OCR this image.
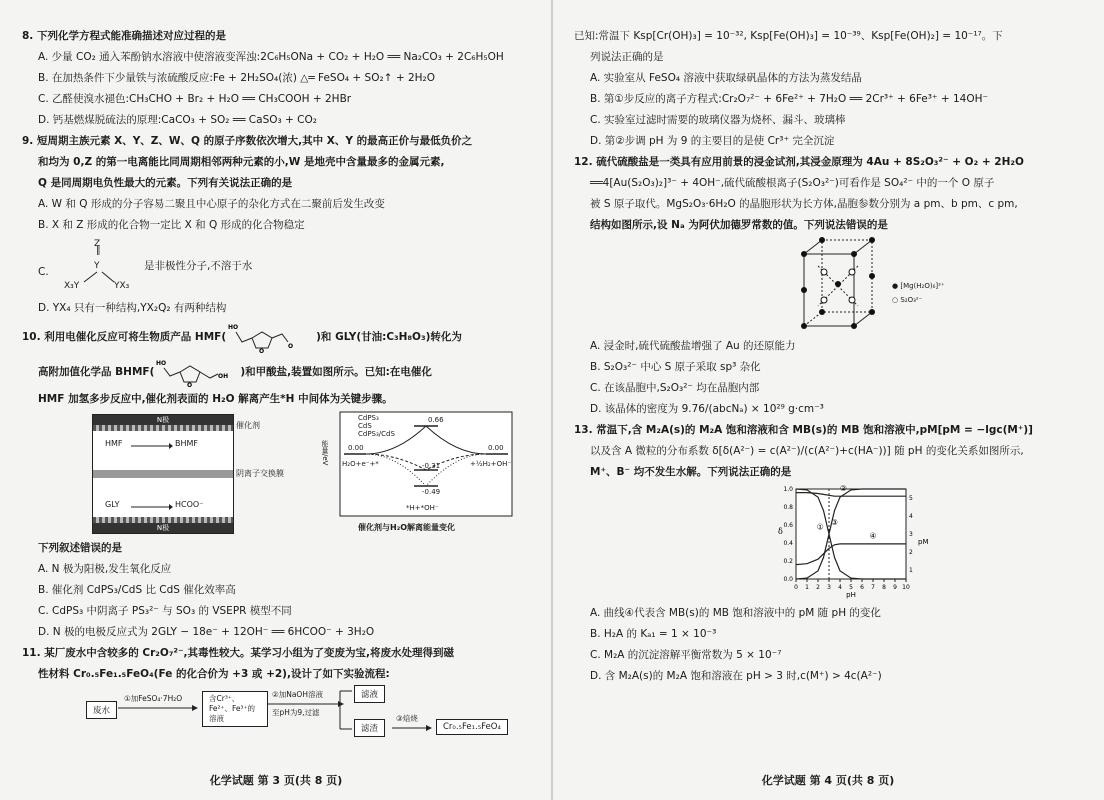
8. 下列化学方程式能准确描述对应过程的是
A. 少量 CO₂ 通入苯酚钠水溶液中使溶液变浑浊:2C₆H₅ONa + CO₂ + H₂O ══ Na₂CO₃ + 2C₆H₅OH
B. 在加热条件下少量铁与浓硫酸反应:Fe + 2H₂SO₄(浓) △═ FeSO₄ + SO₂↑ + 2H₂O
C. 乙醛使溴水褪色:CH₃CHO + Br₂ + H₂O ══ CH₃COOH + 2HBr
D. 钙基燃煤脱硫法的原理:CaCO₃ + SO₂ ══ CaSO₃ + CO₂
9. 短周期主族元素 X、Y、Z、W、Q 的原子序数依次增大,其中 X、Y 的最高正价与最低负价之
和均为 0,Z 的第一电离能比同周期相邻两种元素的小,W 是地壳中含量最多的金属元素,
Q 是同周期电负性最大的元素。下列有关说法正确的是
A. W 和 Q 形成的分子容易二聚且中心原子的杂化方式在二聚前后发生改变
B. X 和 Z 形成的化合物一定比 X 和 Q 形成的化合物稳定
C.
Z
‖
Y
X₃Y	YX₃
是非极性分子,不溶于水
D. YX₄ 只有一种结构,YX₂Q₂ 有两种结构
10. 利用电催化反应可将生物质产品 HMF(
HO
O
O
)和 GLY(甘油:C₃H₈O₃)转化为
高附加值化学品 BHMF(
HO
O
OH )和甲酸盐,装置如图所示。已知:在电催化
HMF 加氢多步反应中,催化剂表面的 H₂O 解离产生*H 中间体为关键步骤。
N极
HMF	BHMF
GLY	HCOO⁻
N极
催化剂
阴离子交换膜
能量/eV
CdPS₃
CdS
CdPS₃/CdS
0.66
0.00
-0.31
-0.49
0.00
H₂O+e⁻+*	+½H₂+OH⁻
*H+*OH⁻
催化剂与H₂O解离能量变化
下列叙述错误的是
A. N 极为阳极,发生氧化反应
B. 催化剂 CdPS₃/CdS 比 CdS 催化效率高
C. CdPS₃ 中阴离子 PS₃²⁻ 与 SO₃ 的 VSEPR 模型不同
D. N 极的电极反应式为 2GLY − 18e⁻ + 12OH⁻ ══ 6HCOO⁻ + 3H₂O
11. 某厂废水中含较多的 Cr₂O₇²⁻,其毒性较大。某学习小组为了变废为宝,将废水处理得到磁
性材料 Cr₀.₅Fe₁.₅FeO₄(Fe 的化合价为 +3 或 +2),设计了如下实验流程:
废水
①加FeSO₄·7H₂O	含Cr³⁺、Fe²⁺、Fe³⁺的溶液
②加NaOH溶液
至pH为9,过滤
滤液
滤渣
③焙烧
Cr₀.₅Fe₁.₅FeO₄
化学试题 第 3 页(共 8 页)
已知:常温下 Ksp[Cr(OH)₃] = 10⁻³², Ksp[Fe(OH)₃] = 10⁻³⁹、Ksp[Fe(OH)₂] = 10⁻¹⁷。下
列说法正确的是
A. 实验室从 FeSO₄ 溶液中获取绿矾晶体的方法为蒸发结晶
B. 第①步反应的离子方程式:Cr₂O₇²⁻ + 6Fe²⁺ + 7H₂O ══ 2Cr³⁺ + 6Fe³⁺ + 14OH⁻
C. 实验室过滤时需要的玻璃仪器为烧杯、漏斗、玻璃棒
D. 第②步调 pH 为 9 的主要目的是使 Cr³⁺ 完全沉淀
12. 硫代硫酸盐是一类具有应用前景的浸金试剂,其浸金原理为 4Au + 8S₂O₃²⁻ + O₂ + 2H₂O
══4[Au(S₂O₃)₂]³⁻ + 4OH⁻,硫代硫酸根离子(S₂O₃²⁻)可看作是 SO₄²⁻ 中的一个 O 原子
被 S 原子取代。MgS₂O₃·6H₂O 的晶胞形状为长方体,晶胞参数分别为 a pm、b pm、c pm,
结构如图所示,设 Nₐ 为阿伏加德罗常数的值。下列说法错误的是
● [Mg(H₂O)₆]²⁺
○ S₂O₃²⁻
A. 浸金时,硫代硫酸盐增强了 Au 的还原能力
B. S₂O₃²⁻ 中心 S 原子采取 sp³ 杂化
C. 在该晶胞中,S₂O₃²⁻ 均在晶胞内部
D. 该晶体的密度为 9.76/(abcNₐ) × 10²⁹ g·cm⁻³
13. 常温下,含 M₂A(s)的 M₂A 饱和溶液和含 MB(s)的 MB 饱和溶液中,pM[pM = −lgc(M⁺)]
以及含 A 微粒的分布系数 δ[δ(A²⁻) = c(A²⁻)/(c(A²⁻)+c(HA⁻))] 随 pH 的变化关系如图所示,
M⁺、B⁻ 均不发生水解。下列说法正确的是
0 1 2 3 4 5 6 7 8 9 10
0.0
0.2
0.4
0.6
0.8
1.0
1
2
3
4
5
pH
δ
pM
①
②
③
④
A. 曲线④代表含 MB(s)的 MB 饱和溶液中的 pM 随 pH 的变化
B. H₂A 的 Kₐ₁ = 1 × 10⁻³
C. M₂A 的沉淀溶解平衡常数为 5 × 10⁻⁷
D. 含 M₂A(s)的 M₂A 饱和溶液在 pH > 3 时,c(M⁺) > 4c(A²⁻)
化学试题 第 4 页(共 8 页)
